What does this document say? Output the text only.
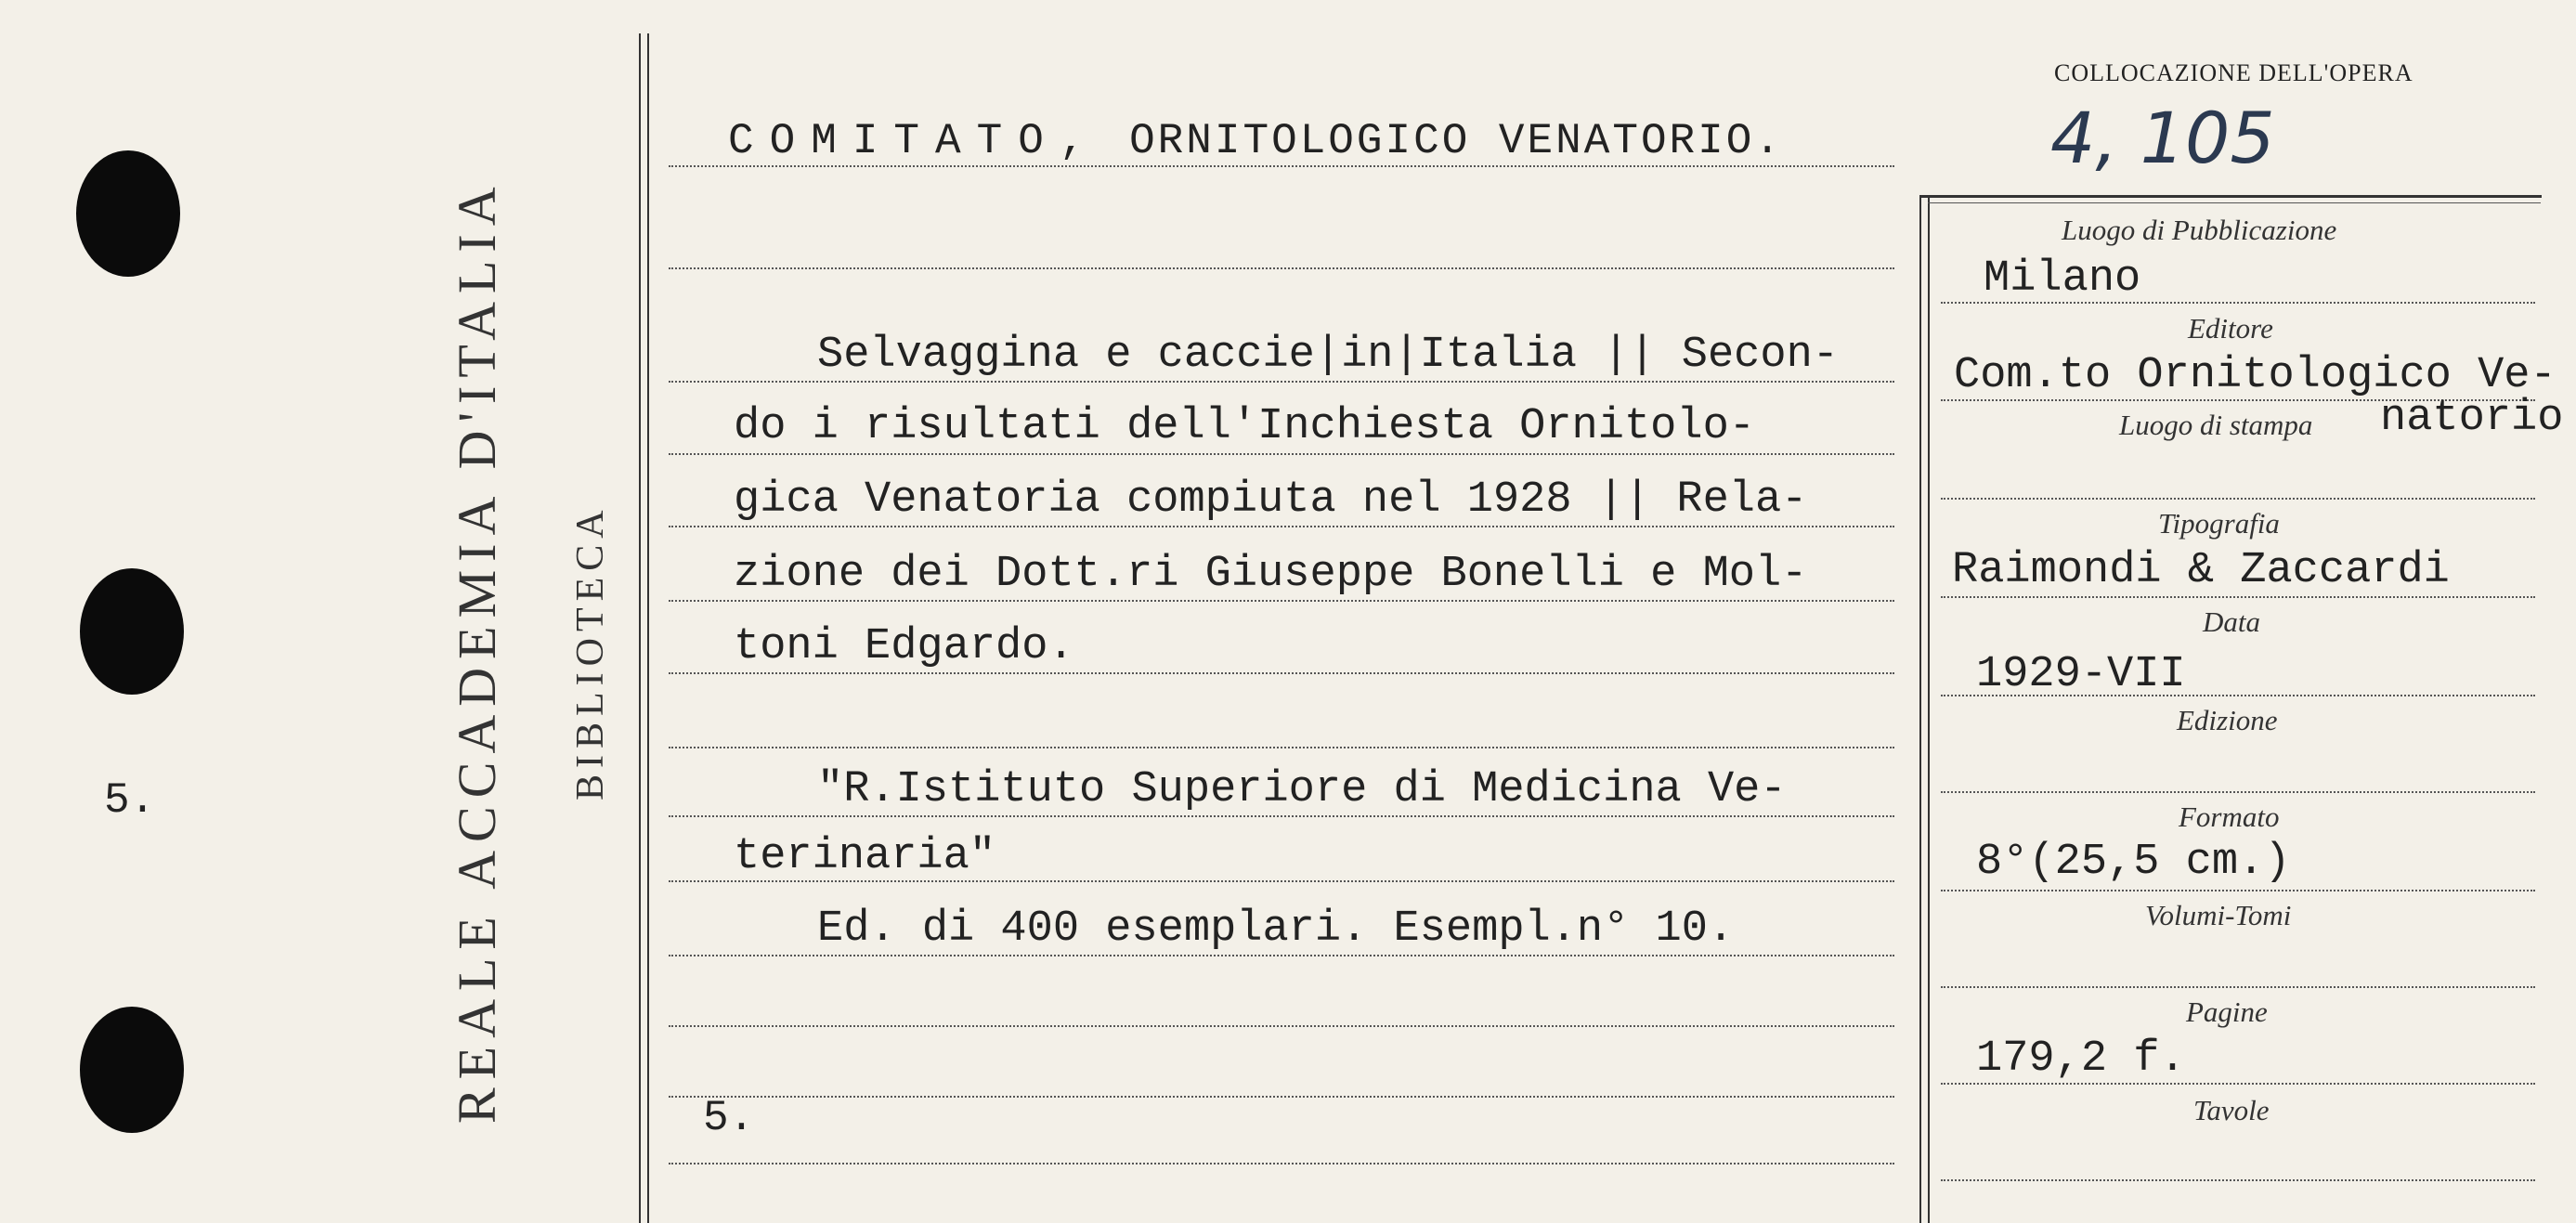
5.	REALE ACCADEMIA D'ITALIA BIBLIOTECA
COLLOCAZIONE DELL'OPERA
4, 105
COMITATO, ORNITOLOGICO VENATORIO.
Selvaggina e caccie|in|Italia || Secon-
do i risultati dell'Inchiesta Ornitolo-
gica Venatoria compiuta nel 1928 || Rela-
zione dei Dott.ri Giuseppe Bonelli e Mol-
toni Edgardo.
"R.Istituto Superiore di Medicina Ve-
terinaria"
Ed. di 400 esemplari. Esempl.n° 10.
5.
Luogo di Pubblicazione
Milano
Editore
Com.to Ornitologico Ve-
Luogo di stampa natorio
Tipografia
Raimondi & Zaccardi
Data
1929-VII
Edizione
Formato
8°(25,5 cm.)
Volumi-Tomi
Pagine
179,2 f.
Tavole
